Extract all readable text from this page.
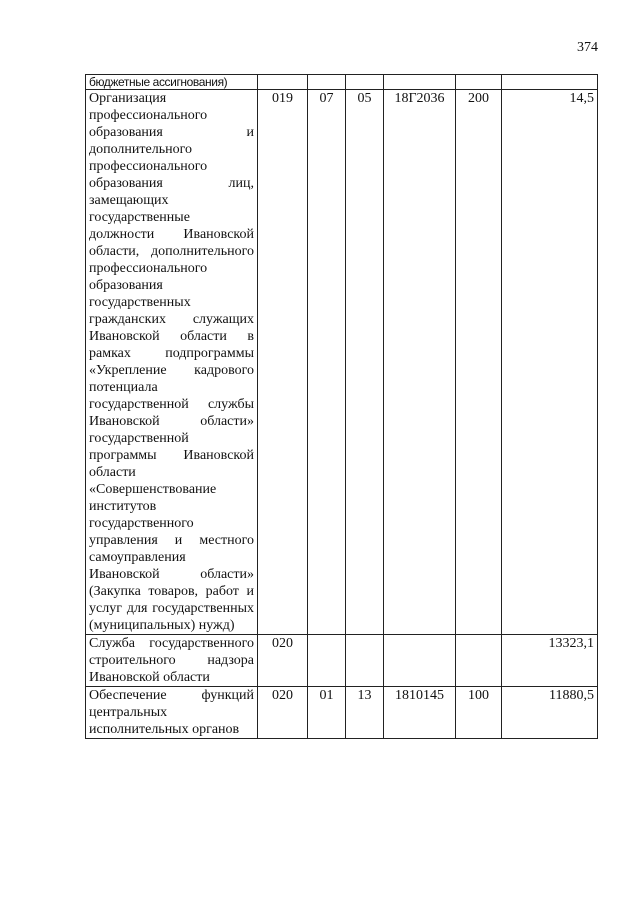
374
бюджетные ассигнования)						
Организация профессионального образования и дополнительного профессионального образования лиц, замещающих государственные должности Ивановской области, дополнительного профессионального образования государственных гражданских служащих Ивановской области в рамках подпрограммы «Укрепление кадрового потенциала государственной службы Ивановской области» государственной программы Ивановской области «Совершенствование институтов государственного управления и местного самоуправления Ивановской области» (Закупка товаров, работ и услуг для государственных (муниципальных) нужд)	019	07	05	18Г2036	200	14,5
Служба государственного строительного надзора Ивановской области	020					13323,1
Обеспечение функций центральных исполнительных органов	020	01	13	1810145	100	11880,5
